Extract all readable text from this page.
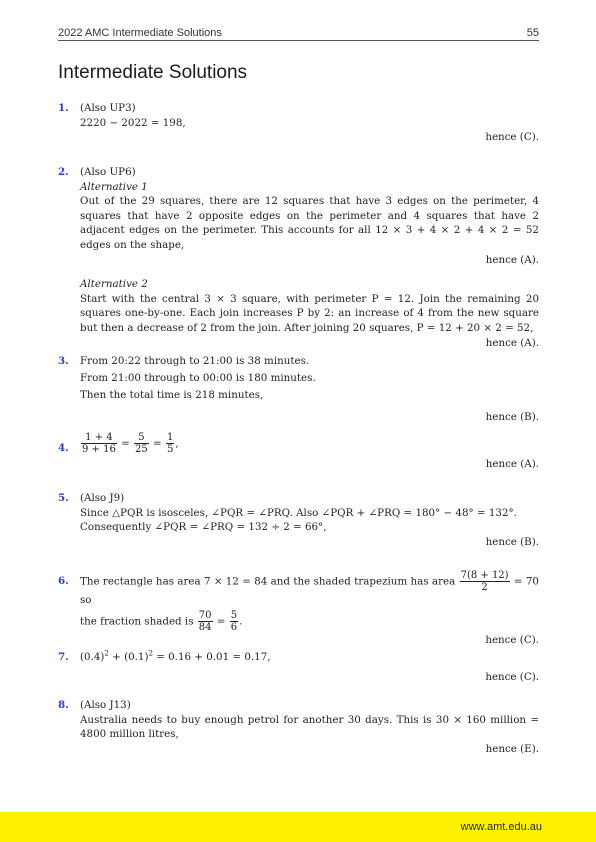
2022 AMC Intermediate Solutions	55
Intermediate Solutions
1. (Also UP3)
2220 − 2022 = 198,
hence (C).
2. (Also UP6)
Alternative 1
Out of the 29 squares, there are 12 squares that have 3 edges on the perimeter, 4 squares that have 2 opposite edges on the perimeter and 4 squares that have 2 adjacent edges on the perimeter. This accounts for all 12 × 3 + 4 × 2 + 4 × 2 = 52 edges on the shape,
hence (A).
Alternative 2
Start with the central 3 × 3 square, with perimeter P = 12. Join the remaining 20 squares one-by-one. Each join increases P by 2: an increase of 4 from the new square but then a decrease of 2 from the join. After joining 20 squares, P = 12 + 20 × 2 = 52,
hence (A).
3. From 20:22 through to 21:00 is 38 minutes.
From 21:00 through to 00:00 is 180 minutes.
Then the total time is 218 minutes,
hence (B).
4. $\frac{1 + 4}{9 + 16} = \frac{5}{25} = \frac{1}{5}$ ,
hence (A).
5. (Also J9)
Since △PQR is isosceles, ∠PQR = ∠PRQ. Also ∠PQR + ∠PRQ = 180° − 48° = 132°.
Consequently ∠PQR = ∠PRQ = 132 ÷ 2 = 66°,
hence (B).
6. The rectangle has area 7 × 12 = 84 and the shaded trapezium has area $\frac{7(8 + 12)}{2} = 70$ so
the fraction shaded is $\frac{70}{84} = \frac{5}{6}$ .
hence (C).
7. $(0.4)^2 + (0.1)^2 = 0.16 + 0.01 = 0.17$,
hence (C).
8. (Also J13)
Australia needs to buy enough petrol for another 30 days. This is 30 × 160 million = 4800 million litres,
hence (E).
www.amt.edu.au
